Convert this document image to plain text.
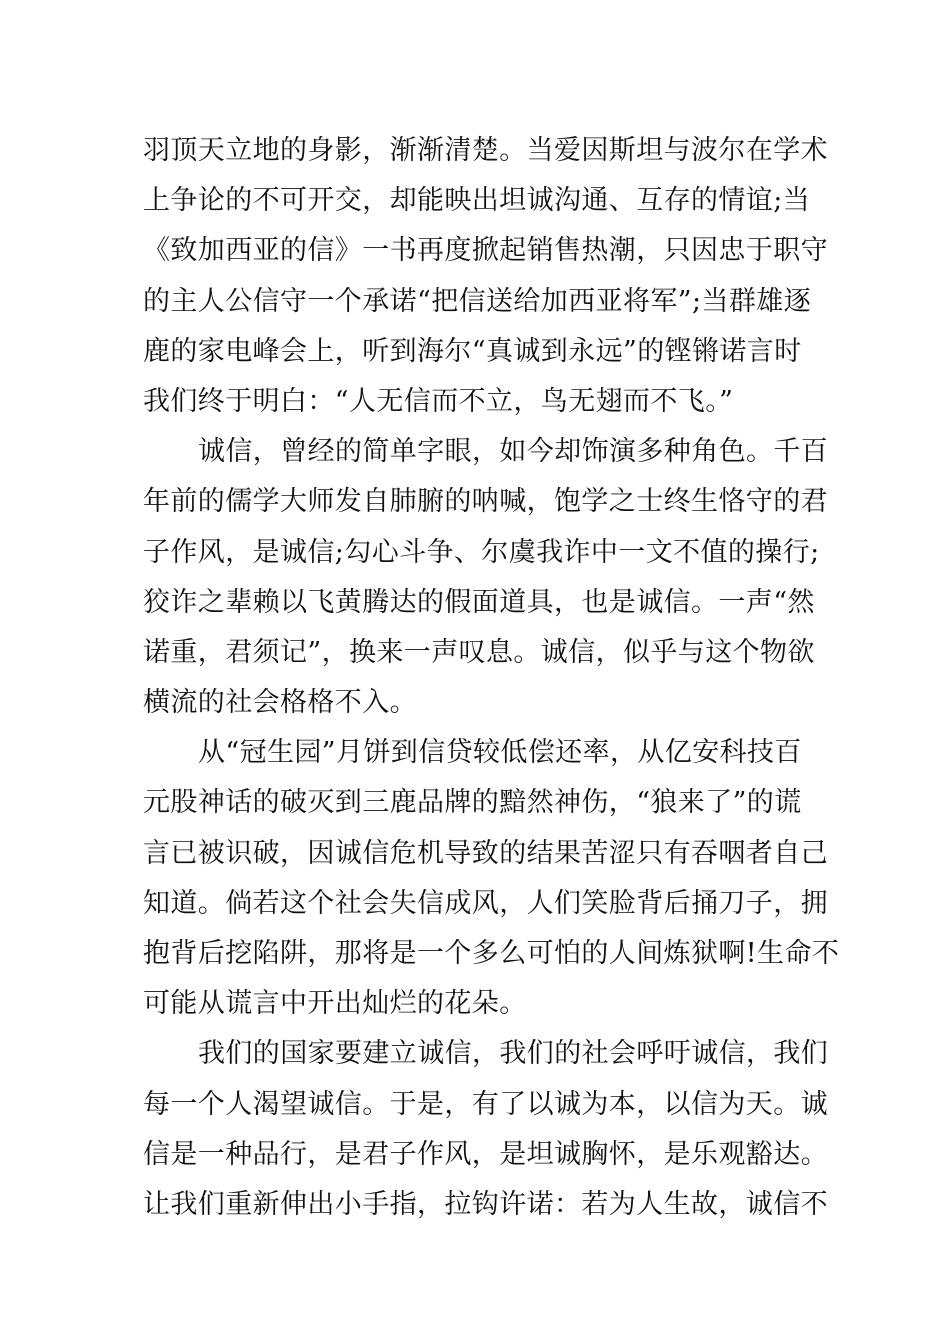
羽顶天立地的身影，渐渐清楚。当爱因斯坦与波尔在学术
上争论的不可开交，却能映出坦诚沟通、互存的情谊;当
《致加西亚的信》一书再度掀起销售热潮，只因忠于职守
的主人公信守一个承诺“把信送给加西亚将军”;当群雄逐
鹿的家电峰会上，听到海尔“真诚到永远”的铿锵诺言时
我们终于明白：“人无信而不立，鸟无翅而不飞。”
诚信，曾经的简单字眼，如今却饰演多种角色。千百
年前的儒学大师发自肺腑的呐喊，饱学之士终生恪守的君
子作风，是诚信;勾心斗争、尔虞我诈中一文不值的操行;
狡诈之辈赖以飞黄腾达的假面道具，也是诚信。一声“然
诺重，君须记”，换来一声叹息。诚信，似乎与这个物欲
横流的社会格格不入。
从“冠生园”月饼到信贷较低偿还率，从亿安科技百
元股神话的破灭到三鹿品牌的黯然神伤，“狼来了”的谎
言已被识破，因诚信危机导致的结果苦涩只有吞咽者自己
知道。倘若这个社会失信成风，人们笑脸背后捅刀子，拥
抱背后挖陷阱，那将是一个多么可怕的人间炼狱啊!生命不
可能从谎言中开出灿烂的花朵。
我们的国家要建立诚信，我们的社会呼吁诚信，我们
每一个人渴望诚信。于是，有了以诚为本，以信为天。诚
信是一种品行，是君子作风，是坦诚胸怀，是乐观豁达。
让我们重新伸出小手指，拉钩许诺：若为人生故，诚信不
